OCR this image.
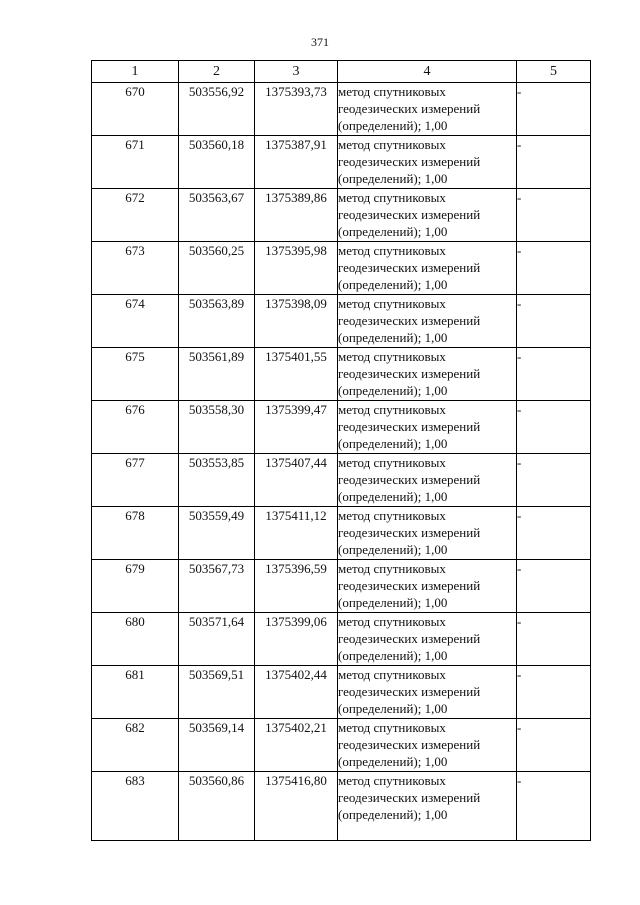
371
1	2	3	4	5
670	503556,92	1375393,73	метод спутниковых
геодезических измерений
(определений); 1,00	-
671	503560,18	1375387,91	метод спутниковых
геодезических измерений
(определений); 1,00	-
672	503563,67	1375389,86	метод спутниковых
геодезических измерений
(определений); 1,00	-
673	503560,25	1375395,98	метод спутниковых
геодезических измерений
(определений); 1,00	-
674	503563,89	1375398,09	метод спутниковых
геодезических измерений
(определений); 1,00	-
675	503561,89	1375401,55	метод спутниковых
геодезических измерений
(определений); 1,00	-
676	503558,30	1375399,47	метод спутниковых
геодезических измерений
(определений); 1,00	-
677	503553,85	1375407,44	метод спутниковых
геодезических измерений
(определений); 1,00	-
678	503559,49	1375411,12	метод спутниковых
геодезических измерений
(определений); 1,00	-
679	503567,73	1375396,59	метод спутниковых
геодезических измерений
(определений); 1,00	-
680	503571,64	1375399,06	метод спутниковых
геодезических измерений
(определений); 1,00	-
681	503569,51	1375402,44	метод спутниковых
геодезических измерений
(определений); 1,00	-
682	503569,14	1375402,21	метод спутниковых
геодезических измерений
(определений); 1,00	-
683	503560,86	1375416,80	метод спутниковых
геодезических измерений
(определений); 1,00	-
